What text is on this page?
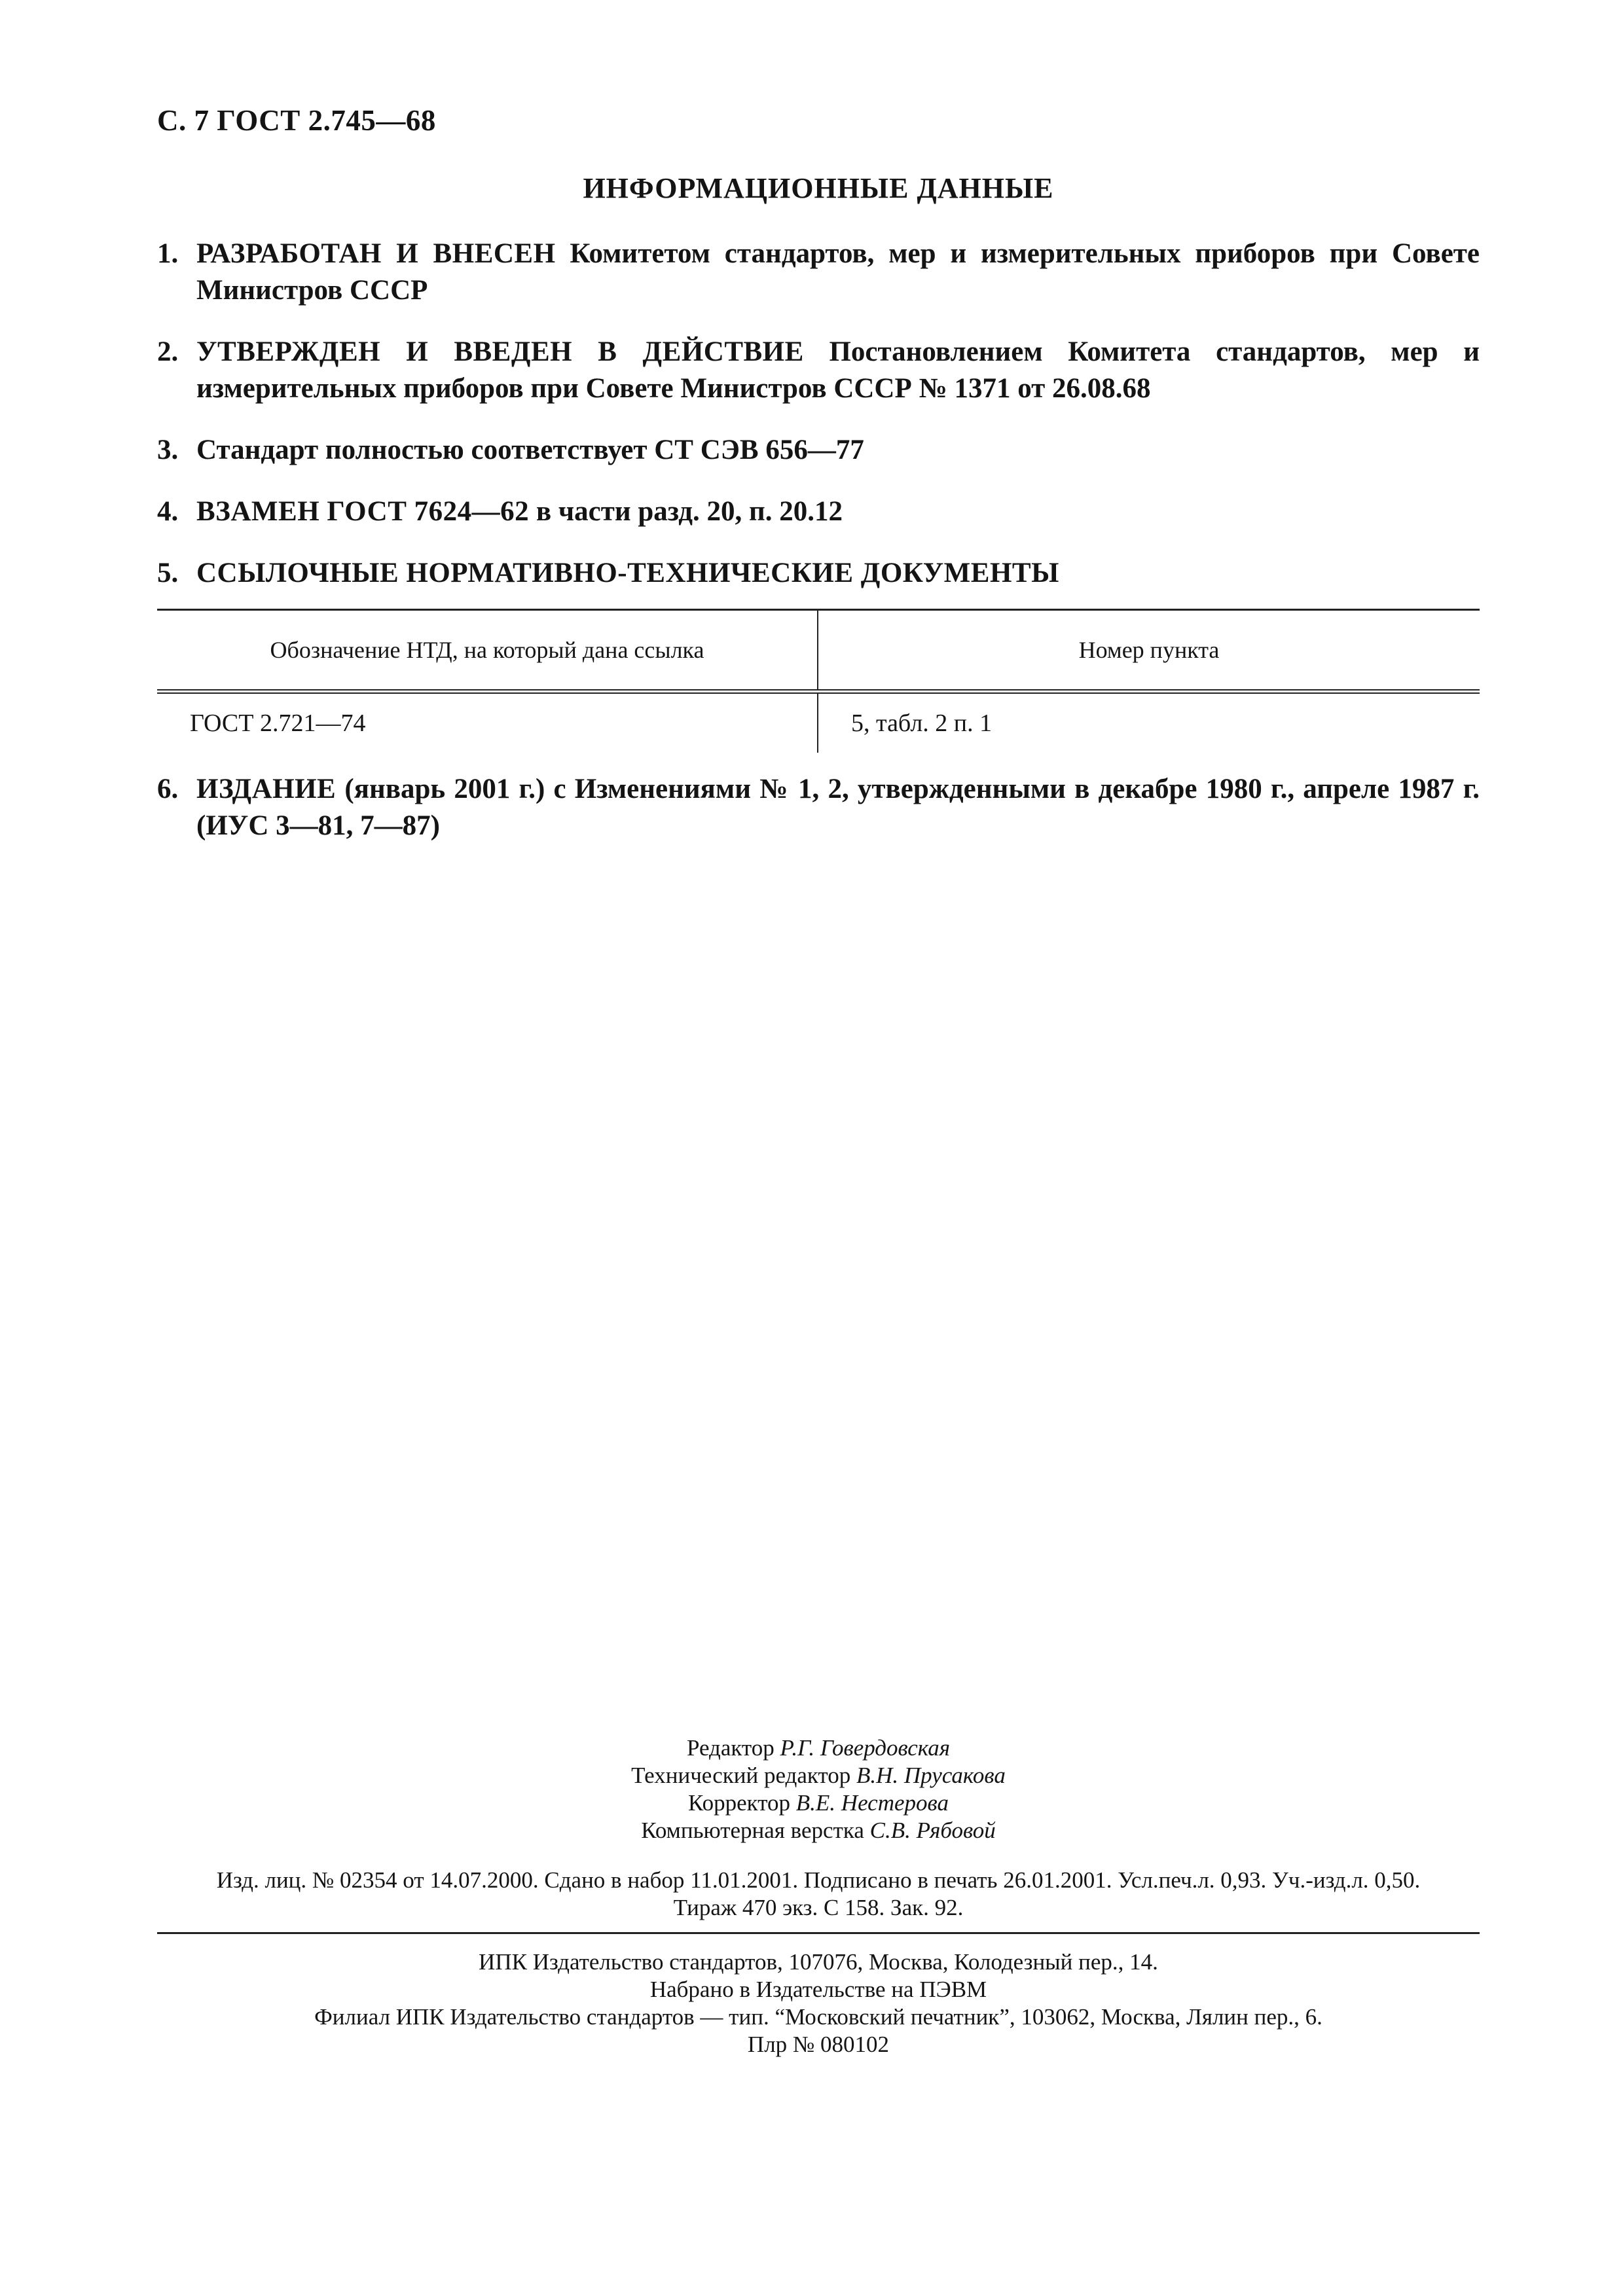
С. 7 ГОСТ 2.745—68
ИНФОРМАЦИОННЫЕ ДАННЫЕ
1. РАЗРАБОТАН И ВНЕСЕН Комитетом стандартов, мер и измерительных приборов при Совете Министров СССР
2. УТВЕРЖДЕН И ВВЕДЕН В ДЕЙСТВИЕ Постановлением Комитета стандартов, мер и измерительных приборов при Совете Министров СССР № 1371 от 26.08.68
3. Стандарт полностью соответствует СТ СЭВ 656—77
4. ВЗАМЕН ГОСТ 7624—62 в части разд. 20, п. 20.12
5. ССЫЛОЧНЫЕ НОРМАТИВНО-ТЕХНИЧЕСКИЕ ДОКУМЕНТЫ
Обозначение НТД, на который дана ссылка	Номер пункта
ГОСТ 2.721—74	5, табл. 2 п. 1
6. ИЗДАНИЕ (январь 2001 г.) с Изменениями № 1, 2, утвержденными в декабре 1980 г., апреле 1987 г. (ИУС 3—81, 7—87)
Редактор Р.Г. Говердовская
Технический редактор В.Н. Прусакова
Корректор В.Е. Нестерова
Компьютерная верстка С.В. Рябовой
Изд. лиц. № 02354 от 14.07.2000. Сдано в набор 11.01.2001. Подписано в печать 26.01.2001. Усл.печ.л. 0,93. Уч.-изд.л. 0,50.
Тираж 470 экз. С 158. Зак. 92.
ИПК Издательство стандартов, 107076, Москва, Колодезный пер., 14.
Набрано в Издательстве на ПЭВМ
Филиал ИПК Издательство стандартов — тип. “Московский печатник”, 103062, Москва, Лялин пер., 6.
Плр № 080102
